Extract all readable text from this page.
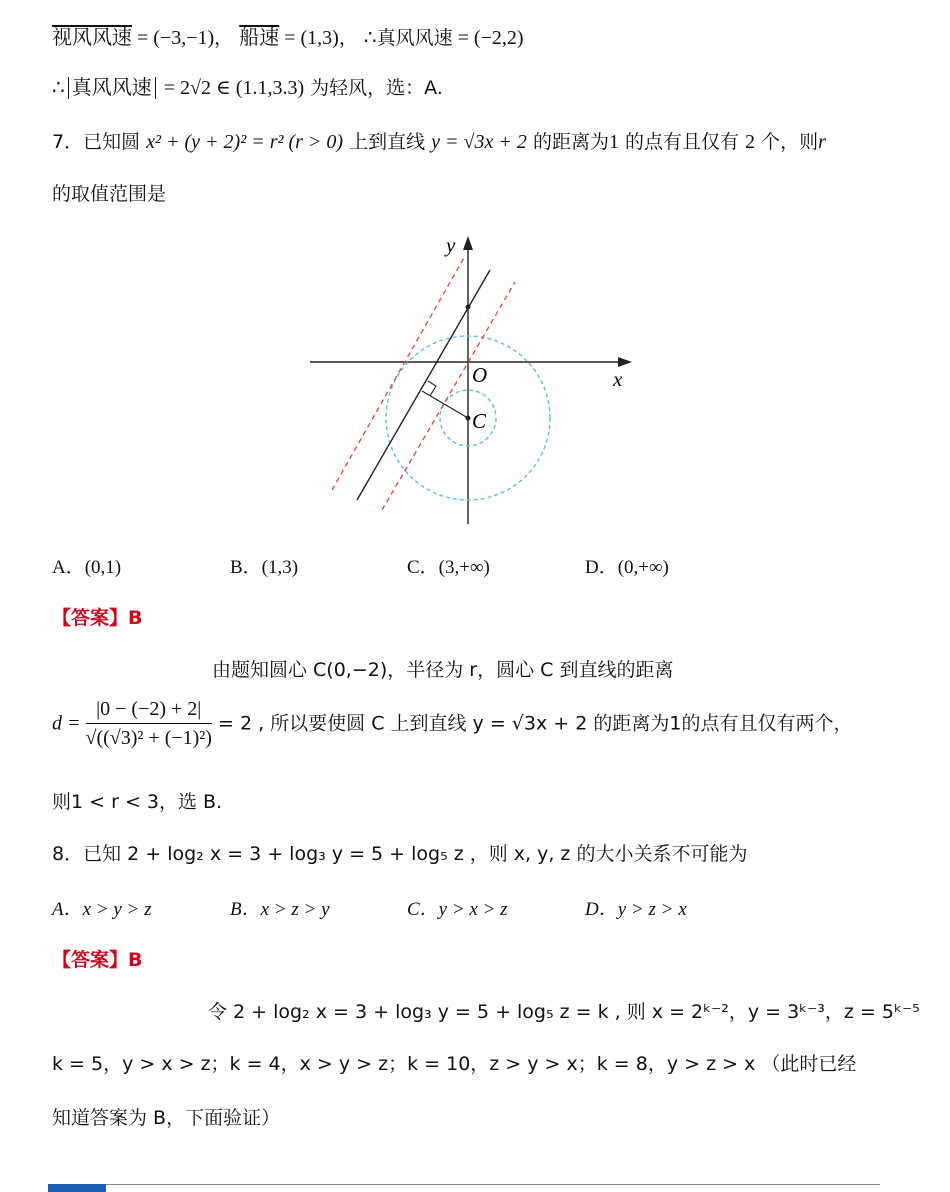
视风风速 = (−3,−1)， 船速 = (1,3)， ∴真风风速 = (−2,2)
∴ 真风风速 = 2√2 ∈ (1.1,3.3) 为轻风，选：A.
7．已知圆 x² + (y + 2)² = r² (r > 0) 上到直线 y = √3x + 2 的距离为1 的点有且仅有 2 个，则r
的取值范围是
y
x
O
C
A．(0,1)	B．(1,3)	C．(3,+∞)	D．(0,+∞)
【答案】B
由题知圆心 C(0,−2)，半径为 r，圆心 C 到直线的距离
$d = \frac{|0 - (-2) + 2|}{\text{√((√3)² + (−1)²)}} = 2$ , 所以要使圆 C 上到直线 y = √3x + 2 的距离为1的点有且仅有两个，
则1 < r < 3，选 B.
8．已知 2 + log₂ x = 3 + log₃ y = 5 + log₅ z ，则 x, y, z 的大小关系不可能为
A．x > y > z	B．x > z > y	C．y > x > z	D．y > z > x
【答案】B
令 2 + log₂ x = 3 + log₃ y = 5 + log₅ z = k , 则 x = 2ᵏ⁻²，y = 3ᵏ⁻³，z = 5ᵏ⁻⁵
k = 5，y > x > z；k = 4，x > y > z；k = 10，z > y > x；k = 8，y > z > x （此时已经
知道答案为 B，下面验证）
